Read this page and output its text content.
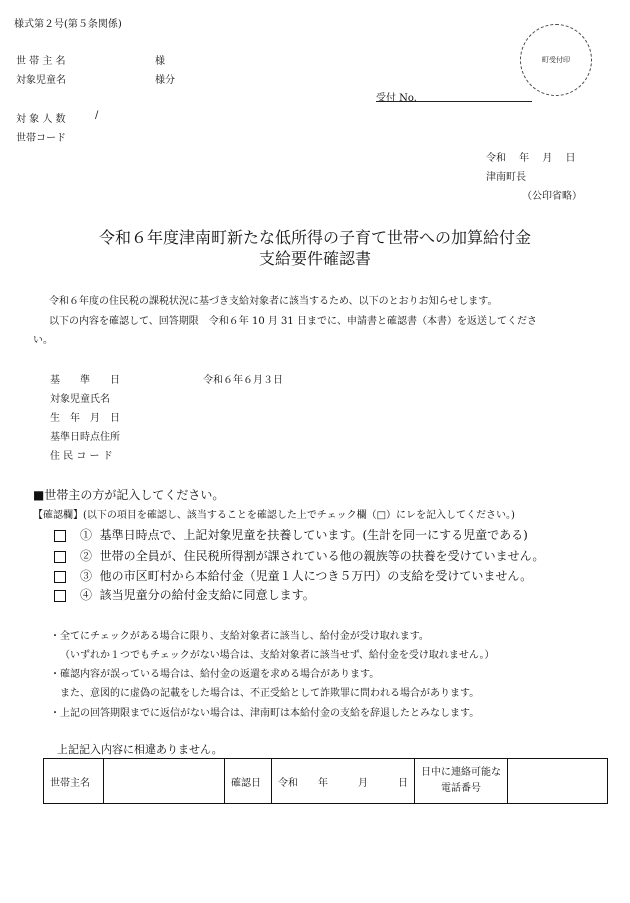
様式第２号(第５条関係)
世 帯 主 名	様
対象児童名	様分
町受付印
受付 No.
対 象 人 数	/
世帯コード
令和　 年　 月　 日
津南町長
（公印省略）
令和６年度津南町新たな低所得の子育て世帯への加算給付金
支給要件確認書
令和６年度の住民税の課税状況に基づき支給対象者に該当するため、以下のとおりお知らせします。
以下の内容を確認して、回答期限　令和６年 10 月 31 日までに、申請書と確認書（本書）を返送してくださ
い。
基　　準　　日	令和６年６月３日
対象児童氏名
生　年　月　日
基準日時点住所
住 民 コ ー ド
■世帯主の方が記入してください。
【確認欄】(以下の項目を確認し、該当することを確認した上でチェック欄（□）にレを記入してください。)
① 基準日時点で、上記対象児童を扶養しています。(生計を同一にする児童である)
② 世帯の全員が、住民税所得割が課されている他の親族等の扶養を受けていません。
③ 他の市区町村から本給付金（児童１人につき５万円）の支給を受けていません。
④ 該当児童分の給付金支給に同意します。
・全てにチェックがある場合に限り、支給対象者に該当し、給付金が受け取れます。
（いずれか１つでもチェックがない場合は、支給対象者に該当せず、給付金を受け取れません。）
・確認内容が誤っている場合は、給付金の返還を求める場合があります。
また、意図的に虚偽の記載をした場合は、不正受給として詐欺罪に問われる場合があります。
・上記の回答期限までに返信がない場合は、津南町は本給付金の支給を辞退したとみなします。
上記記入内容に相違ありません。
世帯主名		確認日	令和　　年　　　月　　　日	日中に連絡可能な
電話番号	
